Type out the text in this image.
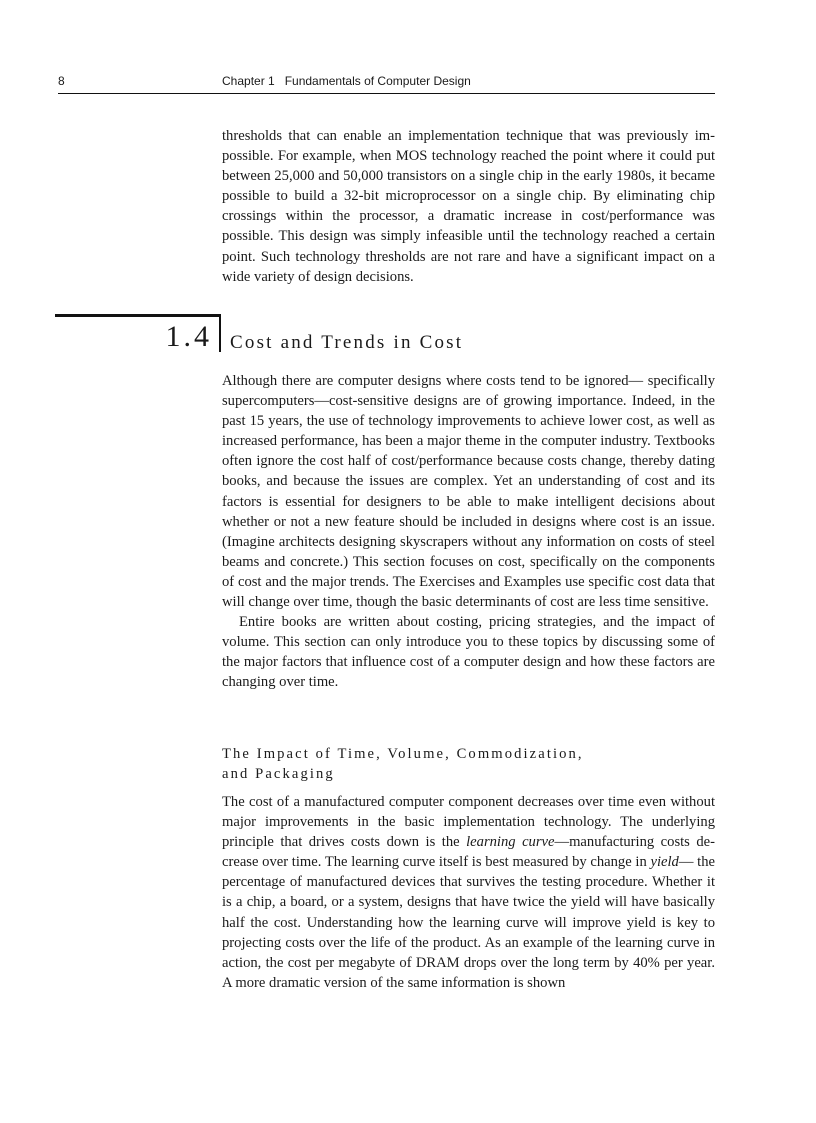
8	Chapter 1   Fundamentals of Computer Design

thresholds that can enable an implementation technique that was previously impossible. For example, when MOS technology reached the point where it could put between 25,000 and 50,000 transistors on a single chip in the early 1980s, it became possible to build a 32-bit microprocessor on a single chip. By eliminating chip crossings within the processor, a dramatic increase in cost/performance was possible. This design was simply infeasible until the technology reached a certain point. Such technology thresholds are not rare and have a significant impact on a wide variety of design decisions.

1.4 Cost and Trends in Cost

Although there are computer designs where costs tend to be ignored— specifically supercomputers—cost-sensitive designs are of growing importance. Indeed, in the past 15 years, the use of technology improvements to achieve lower cost, as well as increased performance, has been a major theme in the computer industry. Textbooks often ignore the cost half of cost/performance because costs change, thereby dating books, and because the issues are complex. Yet an understanding of cost and its factors is essential for designers to be able to make intelligent decisions about whether or not a new feature should be included in designs where cost is an issue. (Imagine architects designing skyscrapers without any information on costs of steel beams and concrete.) This section focuses on cost, specifically on the components of cost and the major trends. The Exercises and Examples use specific cost data that will change over time, though the basic determinants of cost are less time sensitive.

Entire books are written about costing, pricing strategies, and the impact of volume. This section can only introduce you to these topics by discussing some of the major factors that influence cost of a computer design and how these factors are changing over time.

The Impact of Time, Volume, Commodization,
and Packaging

The cost of a manufactured computer component decreases over time even without major improvements in the basic implementation technology. The underlying principle that drives costs down is the learning curve—manufacturing costs decrease over time. The learning curve itself is best measured by change in yield— the percentage of manufactured devices that survives the testing procedure. Whether it is a chip, a board, or a system, designs that have twice the yield will have basically half the cost. Understanding how the learning curve will improve yield is key to projecting costs over the life of the product. As an example of the learning curve in action, the cost per megabyte of DRAM drops over the long term by 40% per year. A more dramatic version of the same information is shown
